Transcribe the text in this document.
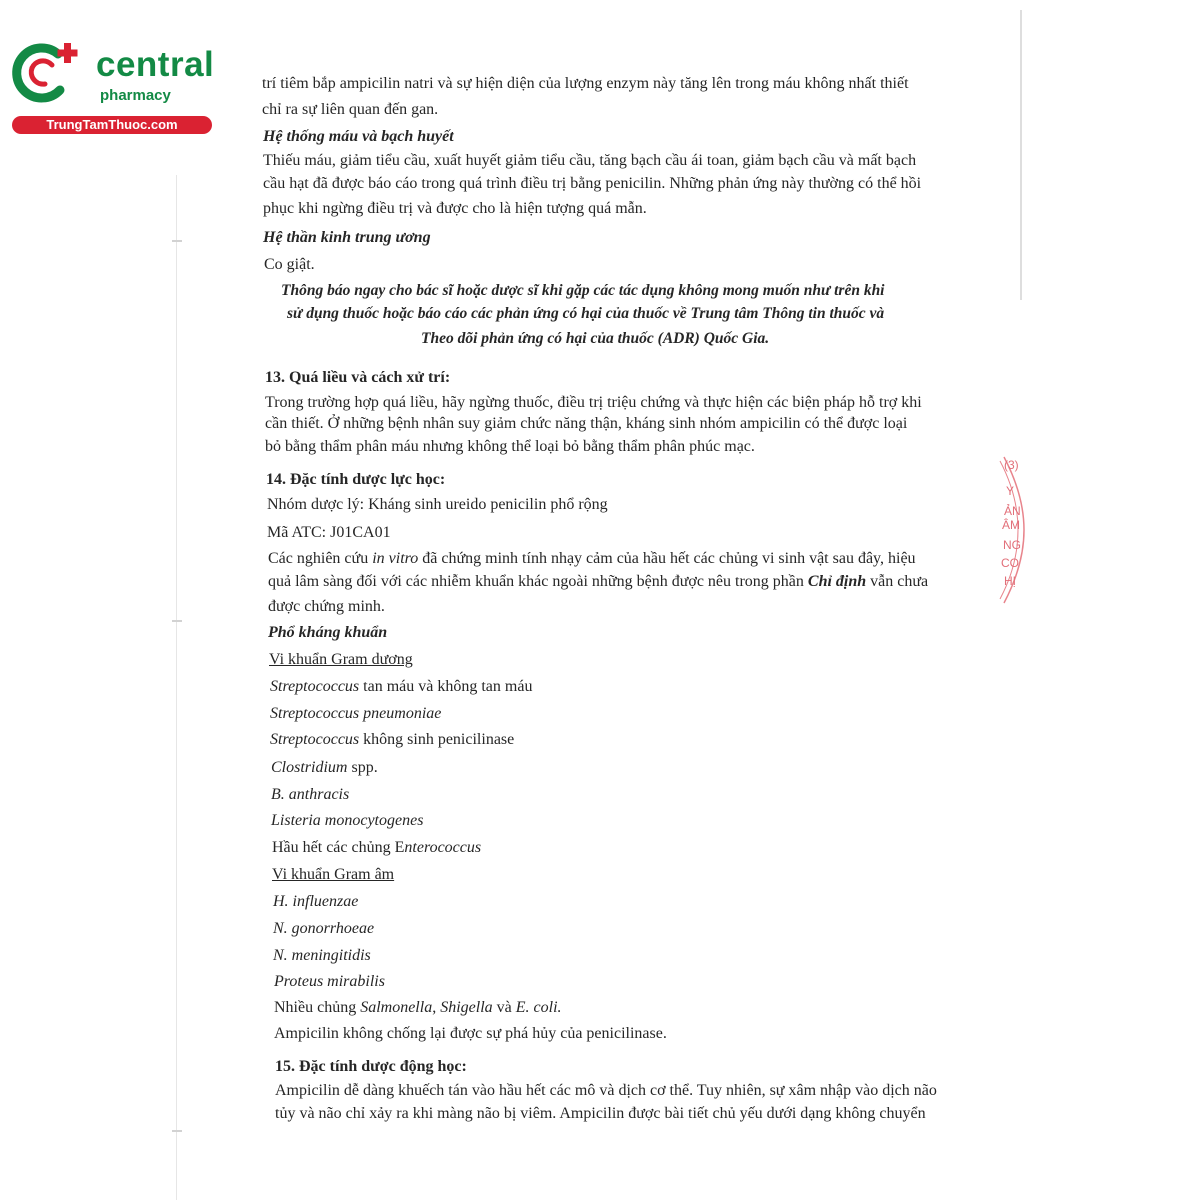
central
pharmacy
TrungTamThuoc.com
(3)
Y
ẢN
ÂM
NG
CO
HỊ

trí tiêm bắp ampicilin natri và sự hiện diện của lượng enzym này tăng lên trong máu không nhất thiết

chỉ ra sự liên quan đến gan.

Hệ thống máu và bạch huyết

Thiếu máu, giảm tiểu cầu, xuất huyết giảm tiểu cầu, tăng bạch cầu ái toan, giảm bạch cầu và mất bạch

cầu hạt đã được báo cáo trong quá trình điều trị bằng penicilin. Những phản ứng này thường có thể hồi

phục khi ngừng điều trị và được cho là hiện tượng quá mẫn.

Hệ thần kinh trung ương

Co giật.

Thông báo ngay cho bác sĩ hoặc dược sĩ khi gặp các tác dụng không mong muốn như trên khi

sử dụng thuốc hoặc báo cáo các phản ứng có hại của thuốc về Trung tâm Thông tin thuốc và

Theo dõi phản ứng có hại của thuốc (ADR) Quốc Gia.

13. Quá liều và cách xử trí:

Trong trường hợp quá liều, hãy ngừng thuốc, điều trị triệu chứng và thực hiện các biện pháp hỗ trợ khi

cần thiết. Ở những bệnh nhân suy giảm chức năng thận, kháng sinh nhóm ampicilin có thể được loại

bỏ bằng thẩm phân máu nhưng không thể loại bỏ bằng thẩm phân phúc mạc.

14. Đặc tính dược lực học:

Nhóm dược lý: Kháng sinh ureido penicilin phổ rộng

Mã ATC: J01CA01

Các nghiên cứu in vitro đã chứng minh tính nhạy cảm của hầu hết các chủng vi sinh vật sau đây, hiệu
quả lâm sàng đối với các nhiễm khuẩn khác ngoài những bệnh được nêu trong phần Chỉ định vẫn chưa

được chứng minh.

Phổ kháng khuẩn

Vi khuẩn Gram dương

Streptococcus tan máu và không tan máu

Streptococcus pneumoniae

Streptococcus không sinh penicilinase
Clostridium spp.

B. anthracis

Listeria monocytogenes

Hầu hết các chủng Enterococcus

Vi khuẩn Gram âm

H. influenzae

N. gonorrhoeae

N. meningitidis

Proteus mirabilis

Nhiều chủng Salmonella, Shigella và E. coli.

Ampicilin không chống lại được sự phá hủy của penicilinase.

15. Đặc tính dược động học:

Ampicilin dễ dàng khuếch tán vào hầu hết các mô và dịch cơ thể. Tuy nhiên, sự xâm nhập vào dịch não

tủy và não chỉ xảy ra khi màng não bị viêm. Ampicilin được bài tiết chủ yếu dưới dạng không chuyển
